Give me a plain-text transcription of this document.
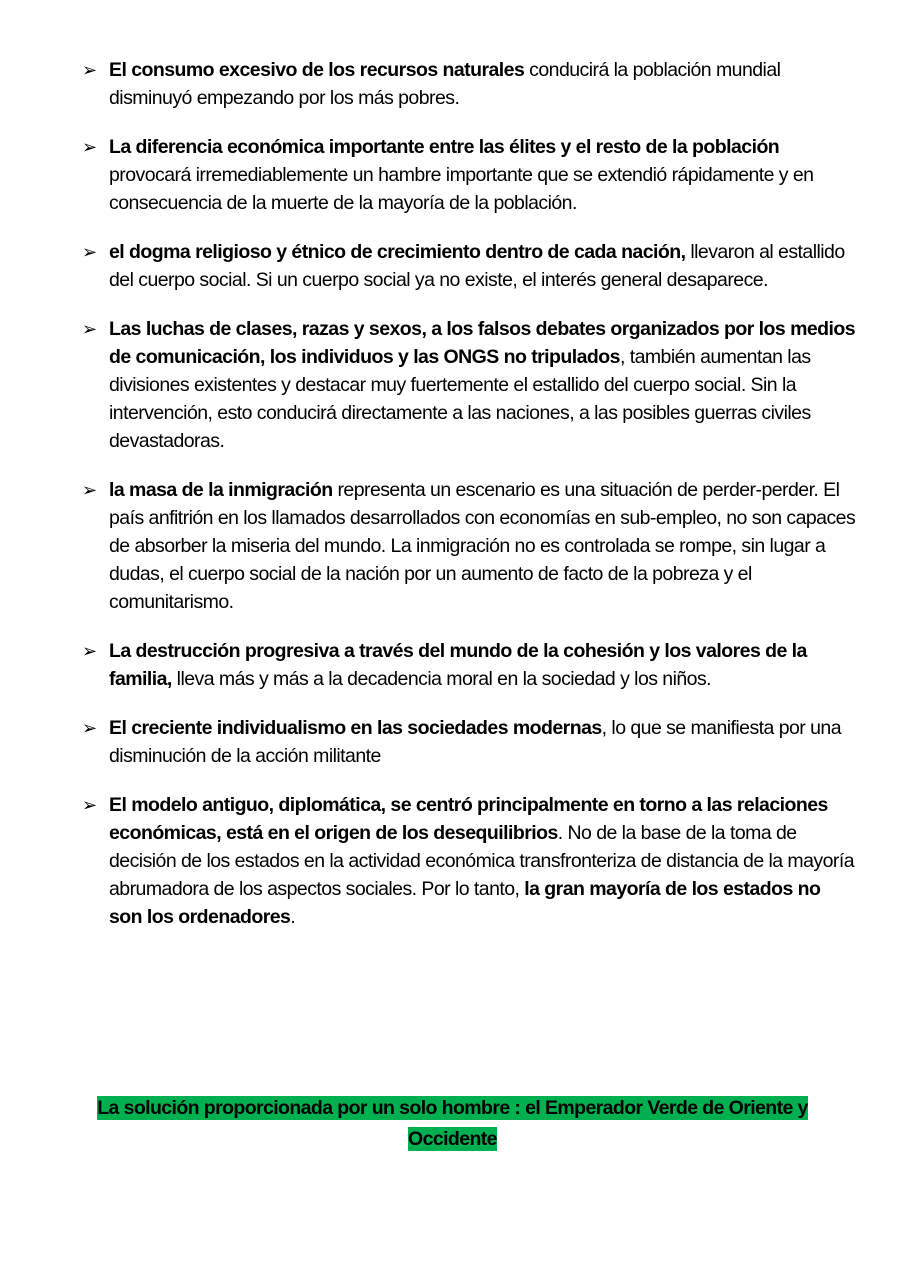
➢ El consumo excesivo de los recursos naturales conducirá la población mundial disminuyó empezando por los más pobres.
➢ La diferencia económica importante entre las élites y el resto de la población provocará irremediablemente un hambre importante que se extendió rápidamente y en consecuencia de la muerte de la mayoría de la población.
➢ el dogma religioso y étnico de crecimiento dentro de cada nación, llevaron al estallido del cuerpo social. Si un cuerpo social ya no existe, el interés general desaparece.
➢ Las luchas de clases, razas y sexos, a los falsos debates organizados por los medios de comunicación, los individuos y las ONGS no tripulados, también aumentan las divisiones existentes y destacar muy fuertemente el estallido del cuerpo social. Sin la intervención, esto conducirá directamente a las naciones, a las posibles guerras civiles devastadoras.
➢ la masa de la inmigración representa un escenario es una situación de perder-perder. El país anfitrión en los llamados desarrollados con economías en sub-empleo, no son capaces de absorber la miseria del mundo. La inmigración no es controlada se rompe, sin lugar a dudas, el cuerpo social de la nación por un aumento de facto de la pobreza y el comunitarismo.
➢ La destrucción progresiva a través del mundo de la cohesión y los valores de la familia, lleva más y más a la decadencia moral en la sociedad y los niños.
➢ El creciente individualismo en las sociedades modernas, lo que se manifiesta por una disminución de la acción militante
➢ El modelo antiguo, diplomática, se centró principalmente en torno a las relaciones económicas, está en el origen de los desequilibrios. No de la base de la toma de decisión de los estados en la actividad económica transfronteriza de distancia de la mayoría abrumadora de los aspectos sociales. Por lo tanto, la gran mayoría de los estados no son los ordenadores.
La solución proporcionada por un solo hombre : el Emperador Verde de Oriente y
Occidente
